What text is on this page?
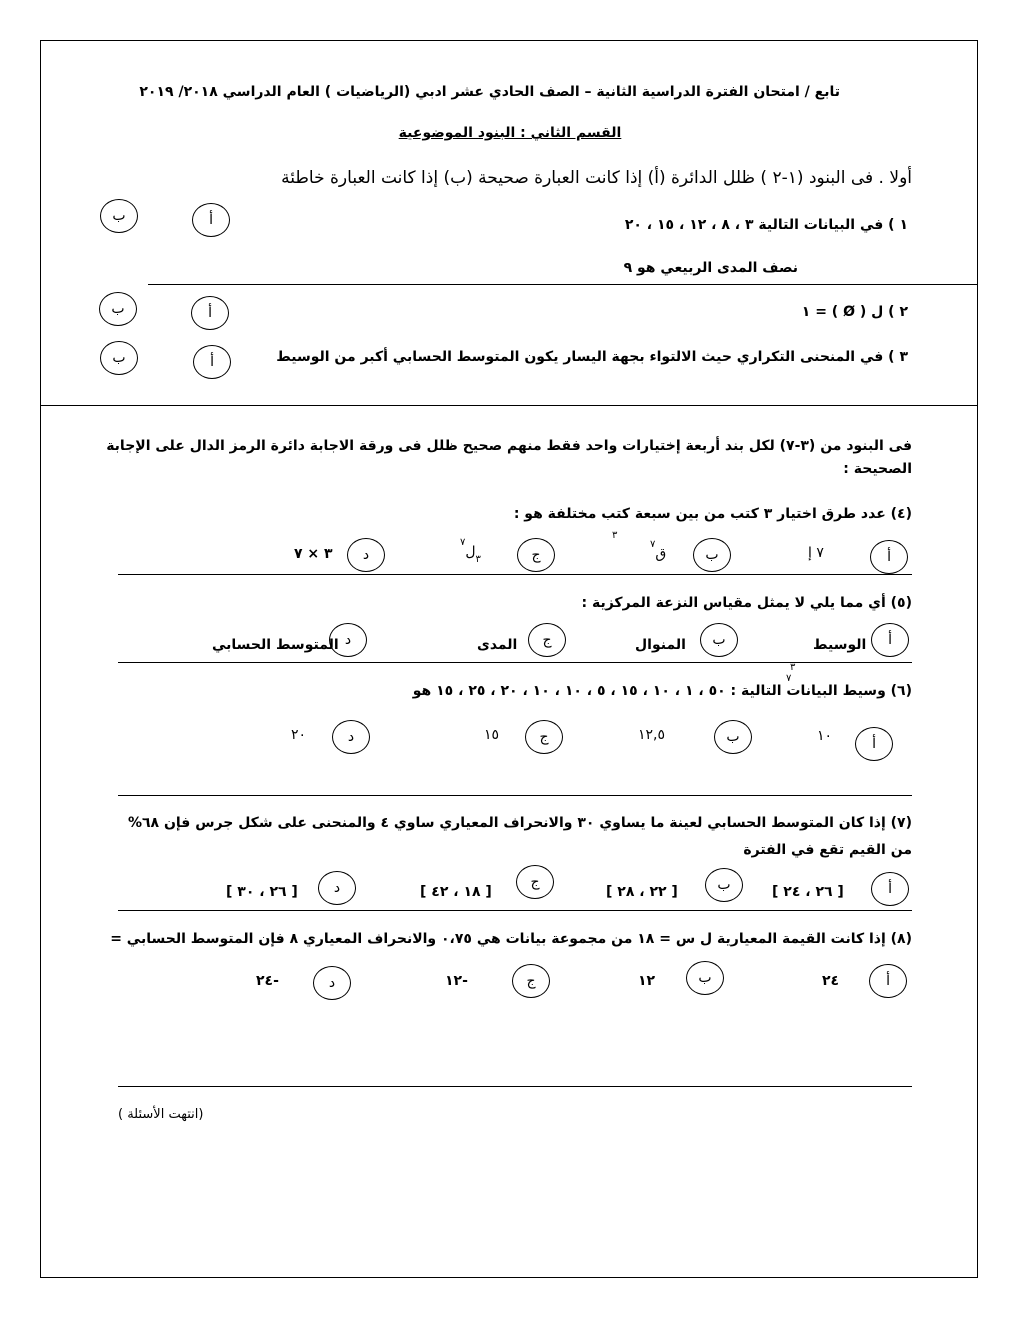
تابع / امتحان الفترة الدراسية الثانية – الصف الحادي عشر ادبي (الرياضيات ) العام الدراسي ٢٠١٨/ ٢٠١٩
القسم الثاني : البنود الموضوعية
أولا . فى البنود (١-٢ ) ظلل الدائرة (أ) إذا كانت العبارة صحيحة (ب) إذا كانت العبارة خاطئة
١ ) في البيانات التالية ٣ ، ٨ ، ١٢ ، ١٥ ، ٢٠
أ
ب
نصف المدى الربيعي هو ٩
٢ ) ل ( Ø ) = ١
أ
ب
٣ ) في المنحنى التكراري حيث الالتواء بجهة اليسار يكون المتوسط الحسابي أكبر من الوسيط
أ
ب
فى البنود من (٣-٧) لكل بند أربعة إختيارات واحد فقط منهم صحيح ظلل فى ورقة الاجابة دائرة الرمز الدال على الإجابة
الصحيحة :
(٤) عدد طرق اختيار ٣ كتب من بين سبعة كتب مختلفة هو :
أ
٧ إ
ب
ق$^٧$
٣
ج
$_٣$ل$^٧$
د
٣ × ٧
(٥) أي مما يلي لا يمثل مقياس النزعة المركزية :
أ
الوسيط
ب
المنوال
ج
المدى
د
المتوسط الحسابي
٣
٧
(٦) وسيط البيانات التالية : ٥٠ ، ١ ، ١٠ ، ١٥ ، ٥ ، ١٠ ، ١٠ ، ٢٠ ، ٢٥ ، ١٥ هو
أ
١٠
ب
١٢,٥
ج
١٥
د
٢٠
(٧) إذا كان المتوسط الحسابي لعينة ما يساوي ٣٠ والانحراف المعياري ساوي ٤ والمنحنى على شكل جرس فإن ٦٨%
من القيم تقع في الفترة
أ
[ ٢٦ ، ٢٤ ]
ب
[ ٢٢ ، ٢٨ ]
ج
[ ١٨ ، ٤٢ ]
د
[ ٢٦ ، ٣٠ ]
(٨) إذا كانت القيمة المعيارية ل س = ١٨ من مجموعة بيانات هي ٠،٧٥ والانحراف المعياري ٨ فإن المتوسط الحسابي =
أ
٢٤
ب
١٢
ج
-١٢
د
-٢٤
(انتهت الأسئلة )
